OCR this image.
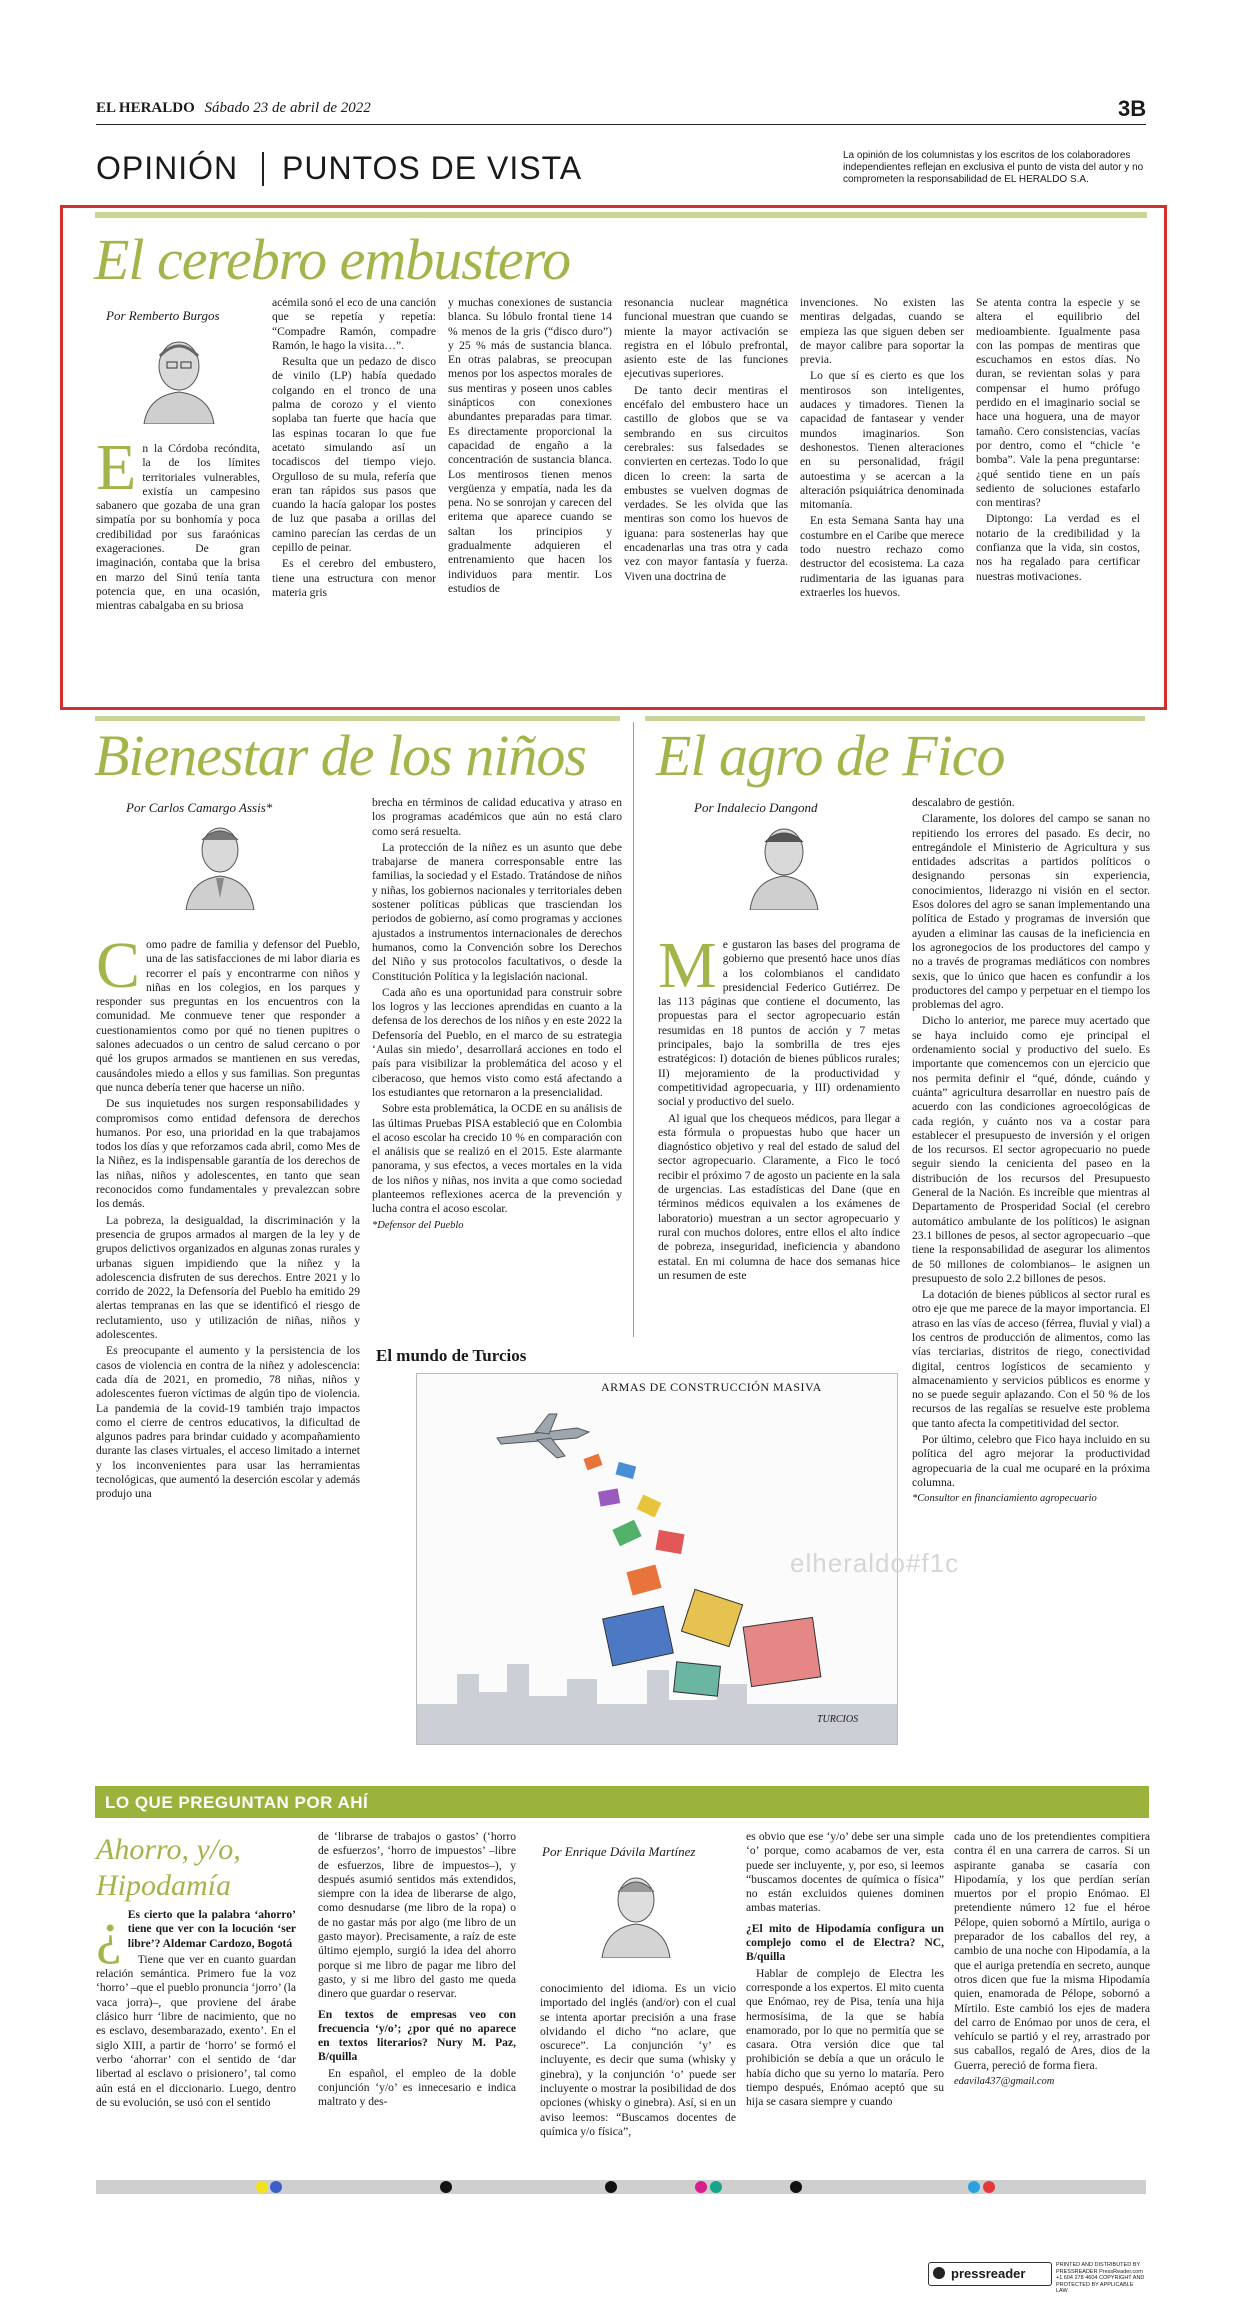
EL HERALDO Sábado 23 de abril de 2022	3B
OPINIÓN PUNTOS DE VISTA	La opinión de los columnistas y los escritos de los colaboradores independientes reflejan en exclusiva el punto de vista del autor y no comprometen la responsabilidad de EL HERALDO S.A.
El cerebro embustero
Por Remberto Burgos
E n la Córdoba recóndita, la de los límites territoriales vulnerables, existía un campesino sabanero que gozaba de una gran simpatía por su bonhomía y poca credibilidad por sus faraónicas exageraciones. De gran imaginación, contaba que la brisa en marzo del Sinú tenía tanta potencia que, en una ocasión, mientras cabalgaba en su briosa

acémila sonó el eco de una canción que se repetía y repetía: “Compadre Ramón, compadre Ramón, le hago la visita…”.

Resulta que un pedazo de disco de vinilo (LP) había quedado colgando en el tronco de una palma de corozo y el viento soplaba tan fuerte que hacía que las espinas tocaran lo que fue acetato simulando así un tocadiscos del tiempo viejo. Orgulloso de su mula, refería que eran tan rápidos sus pasos que cuando la hacía galopar los postes de luz que pasaba a orillas del camino parecían las cerdas de un cepillo de peinar.

Es el cerebro del embustero, tiene una estructura con menor materia gris

y muchas conexiones de sustancia blanca. Su lóbulo frontal tiene 14 % menos de la gris (“disco duro”) y 25 % más de sustancia blanca. En otras palabras, se preocupan menos por los aspectos morales de sus mentiras y poseen unos cables sinápticos con conexiones abundantes preparadas para timar. Es directamente proporcional la capacidad de engaño a la concentración de sustancia blanca. Los mentirosos tienen menos vergüenza y empatía, nada les da pena. No se sonrojan y carecen del eritema que aparece cuando se saltan los principios y gradualmente adquieren el entrenamiento que hacen los individuos para mentir. Los estudios de

resonancia nuclear magnética funcional muestran que cuando se miente la mayor activación se registra en el lóbulo prefrontal, asiento este de las funciones ejecutivas superiores.

De tanto decir mentiras el encéfalo del embustero hace un castillo de globos que se va sembrando en sus circuitos cerebrales: sus falsedades se convierten en certezas. Todo lo que dicen lo creen: la sarta de embustes se vuelven dogmas de verdades. Se les olvida que las mentiras son como los huevos de iguana: para sostenerlas hay que encadenarlas una tras otra y cada vez con mayor fantasía y fuerza. Viven una doctrina de

invenciones. No existen las mentiras delgadas, cuando se empieza las que siguen deben ser de mayor calibre para soportar la previa.

Lo que sí es cierto es que los mentirosos son inteligentes, audaces y timadores. Tienen la capacidad de fantasear y vender mundos imaginarios. Son deshonestos. Tienen alteraciones en su personalidad, frágil autoestima y se acercan a la alteración psiquiátrica denominada mitomanía.

En esta Semana Santa hay una costumbre en el Caribe que merece todo nuestro rechazo como destructor del ecosistema. La caza rudimentaria de las iguanas para extraerles los huevos.

Se atenta contra la especie y se altera el equilibrio del medioambiente. Igualmente pasa con las pompas de mentiras que escuchamos en estos días. No duran, se revientan solas y para compensar el humo prófugo perdido en el imaginario social se hace una hoguera, una de mayor tamaño. Cero consistencias, vacías por dentro, como el “chicle ‘e bomba”. Vale la pena preguntarse: ¿qué sentido tiene en un país sediento de soluciones estafarlo con mentiras?

Diptongo: La verdad es el notario de la credibilidad y la confianza que la vida, sin costos, nos ha regalado para certificar nuestras motivaciones.

Bienestar de los niños
Por Carlos Camargo Assis*
C omo padre de familia y defensor del Pueblo, una de las satisfacciones de mi labor diaria es recorrer el país y encontrarme con niños y niñas en los colegios, en los parques y responder sus preguntas en los encuentros con la comunidad. Me conmueve tener que responder a cuestionamientos como por qué no tienen pupitres o salones adecuados o un centro de salud cercano o por qué los grupos armados se mantienen en sus veredas, causándoles miedo a ellos y sus familias. Son preguntas que nunca debería tener que hacerse un niño.

De sus inquietudes nos surgen responsabilidades y compromisos como entidad defensora de derechos humanos. Por eso, una prioridad en la que trabajamos todos los días y que reforzamos cada abril, como Mes de la Niñez, es la indispensable garantía de los derechos de las niñas, niños y adolescentes, en tanto que sean reconocidos como fundamentales y prevalezcan sobre los demás.

La pobreza, la desigualdad, la discriminación y la presencia de grupos armados al margen de la ley y de grupos delictivos organizados en algunas zonas rurales y urbanas siguen impidiendo que la niñez y la adolescencia disfruten de sus derechos. Entre 2021 y lo corrido de 2022, la Defensoría del Pueblo ha emitido 29 alertas tempranas en las que se identificó el riesgo de reclutamiento, uso y utilización de niñas, niños y adolescentes.

Es preocupante el aumento y la persistencia de los casos de violencia en contra de la niñez y adolescencia: cada día de 2021, en promedio, 78 niñas, niños y adolescentes fueron víctimas de algún tipo de violencia. La pandemia de la covid-19 también trajo impactos como el cierre de centros educativos, la dificultad de algunos padres para brindar cuidado y acompañamiento durante las clases virtuales, el acceso limitado a internet y los inconvenientes para usar las herramientas tecnológicas, que aumentó la deserción escolar y además produjo una

brecha en términos de calidad educativa y atraso en los programas académicos que aún no está claro como será resuelta.

La protección de la niñez es un asunto que debe trabajarse de manera corresponsable entre las familias, la sociedad y el Estado. Tratándose de niños y niñas, los gobiernos nacionales y territoriales deben sostener políticas públicas que trasciendan los periodos de gobierno, así como programas y acciones ajustados a instrumentos internacionales de derechos humanos, como la Convención sobre los Derechos del Niño y sus protocolos facultativos, o desde la Constitución Política y la legislación nacional.

Cada año es una oportunidad para construir sobre los logros y las lecciones aprendidas en cuanto a la defensa de los derechos de los niños y en este 2022 la Defensoría del Pueblo, en el marco de su estrategia ‘Aulas sin miedo’, desarrollará acciones en todo el país para visibilizar la problemática del acoso y el ciberacoso, que hemos visto como está afectando a los estudiantes que retornaron a la presencialidad.

Sobre esta problemática, la OCDE en su análisis de las últimas Pruebas PISA estableció que en Colombia el acoso escolar ha crecido 10 % en comparación con el análisis que se realizó en el 2015. Este alarmante panorama, y sus efectos, a veces mortales en la vida de los niños y niñas, nos invita a que como sociedad planteemos reflexiones acerca de la prevención y lucha contra el acoso escolar.

*Defensor del Pueblo

El agro de Fico
Por Indalecio Dangond
M e gustaron las bases del programa de gobierno que presentó hace unos días a los colombianos el candidato presidencial Federico Gutiérrez. De las 113 páginas que contiene el documento, las propuestas para el sector agropecuario están resumidas en 18 puntos de acción y 7 metas principales, bajo la sombrilla de tres ejes estratégicos: I) dotación de bienes públicos rurales; II) mejoramiento de la productividad y competitividad agropecuaria, y III) ordenamiento social y productivo del suelo.

Al igual que los chequeos médicos, para llegar a esta fórmula o propuestas hubo que hacer un diagnóstico objetivo y real del estado de salud del sector agropecuario. Claramente, a Fico le tocó recibir el próximo 7 de agosto un paciente en la sala de urgencias. Las estadísticas del Dane (que en términos médicos equivalen a los exámenes de laboratorio) muestran a un sector agropecuario y rural con muchos dolores, entre ellos el alto índice de pobreza, inseguridad, ineficiencia y abandono estatal. En mi columna de hace dos semanas hice un resumen de este

descalabro de gestión.

Claramente, los dolores del campo se sanan no repitiendo los errores del pasado. Es decir, no entregándole el Ministerio de Agricultura y sus entidades adscritas a partidos políticos o designando personas sin experiencia, conocimientos, liderazgo ni visión en el sector. Esos dolores del agro se sanan implementando una política de Estado y programas de inversión que ayuden a eliminar las causas de la ineficiencia en los agronegocios de los productores del campo y no a través de programas mediáticos con nombres sexis, que lo único que hacen es confundir a los productores del campo y perpetuar en el tiempo los problemas del agro.

Dicho lo anterior, me parece muy acertado que se haya incluido como eje principal el ordenamiento social y productivo del suelo. Es importante que comencemos con un ejercicio que nos permita definir el “qué, dónde, cuándo y cuánta” agricultura desarrollar en nuestro país de acuerdo con las condiciones agroecológicas de cada región, y cuánto nos va a costar para establecer el presupuesto de inversión y el origen de los recursos. El sector agropecuario no puede seguir siendo la cenicienta del paseo en la distribución de los recursos del Presupuesto General de la Nación. Es increíble que mientras al Departamento de Prosperidad Social (el cerebro automático ambulante de los políticos) le asignan 23.1 billones de pesos, al sector agropecuario –que tiene la responsabilidad de asegurar los alimentos de 50 millones de colombianos– le asignen un presupuesto de solo 2.2 billones de pesos.

La dotación de bienes públicos al sector rural es otro eje que me parece de la mayor importancia. El atraso en las vías de acceso (férrea, fluvial y vial) a los centros de producción de alimentos, como las vías terciarias, distritos de riego, conectividad digital, centros logísticos de secamiento y almacenamiento y servicios públicos es enorme y no se puede seguir aplazando. Con el 50 % de los recursos de las regalías se resuelve este problema que tanto afecta la competitividad del sector.

Por último, celebro que Fico haya incluido en su política del agro mejorar la productividad agropecuaria de la cual me ocuparé en la próxima columna.

*Consultor en financiamiento agropecuario

El mundo de Turcios
ARMAS DE CONSTRUCCIÓN MASIVA
TURCIOS
elheraldo#f1c
LO QUE PREGUNTAN POR AHÍ
Ahorro, y/o, Hipodamía
¿ Es cierto que la palabra ‘ahorro’ tiene que ver con la locución ‘ser libre’? Aldemar Cardozo, Bogotá

Tiene que ver en cuanto guardan relación semántica. Primero fue la voz ‘horro’ –que el pueblo pronuncia ‘jorro’ (la vaca jorra)–, que proviene del árabe clásico hurr ‘libre de nacimiento, que no es esclavo, desembarazado, exento’. En el siglo XIII, a partir de ‘horro’ se formó el verbo ‘ahorrar’ con el sentido de ‘dar libertad al esclavo o prisionero’, tal como aún está en el diccionario. Luego, dentro de su evolución, se usó con el sentido

de ‘librarse de trabajos o gastos’ (‘horro de esfuerzos’, ‘horro de impuestos’ –libre de esfuerzos, libre de impuestos–), y después asumió sentidos más extendidos, siempre con la idea de liberarse de algo, como desnudarse (me libro de la ropa) o de no gastar más por algo (me libro de un gasto mayor). Precisamente, a raíz de este último ejemplo, surgió la idea del ahorro porque si me libro de pagar me libro del gasto, y si me libro del gasto me queda dinero que guardar o reservar.

En textos de empresas veo con frecuencia ‘y/o’; ¿por qué no aparece en textos literarios? Nury M. Paz, B/quilla

En español, el empleo de la doble conjunción ‘y/o’ es innecesario e indica maltrato y des-

Por Enrique Dávila Martínez

conocimiento del idioma. Es un vicio importado del inglés (and/or) con el cual se intenta aportar precisión a una frase olvidando el dicho “no aclare, que oscurece”. La conjunción ‘y’ es incluyente, es decir que suma (whisky y ginebra), y la conjunción ‘o’ puede ser incluyente o mostrar la posibilidad de dos opciones (whisky o ginebra). Así, si en un aviso leemos: “Buscamos docentes de química y/o física”,

es obvio que ese ‘y/o’ debe ser una simple ‘o’ porque, como acabamos de ver, esta puede ser incluyente, y, por eso, si leemos “buscamos docentes de química o física” no están excluidos quienes dominen ambas materias.

¿El mito de Hipodamía configura un complejo como el de Electra? NC, B/quilla

Hablar de complejo de Electra les corresponde a los expertos. El mito cuenta que Enómao, rey de Pisa, tenía una hija hermosísima, de la que se había enamorado, por lo que no permitía que se casara. Otra versión dice que tal prohibición se debía a que un oráculo le había dicho que su yerno lo mataría. Pero tiempo después, Enómao aceptó que su hija se casara siempre y cuando

cada uno de los pretendientes compitiera contra él en una carrera de carros. Si un aspirante ganaba se casaría con Hipodamía, y los que perdían serían muertos por el propio Enómao. El pretendiente número 12 fue el héroe Pélope, quien sobornó a Mírtilo, auriga o preparador de los caballos del rey, a cambio de una noche con Hipodamía, a la que el auriga pretendía en secreto, aunque otros dicen que fue la misma Hipodamía quien, enamorada de Pélope, sobornó a Mírtilo. Este cambió los ejes de madera del carro de Enómao por unos de cera, el vehículo se partió y el rey, arrastrado por sus caballos, regaló de Ares, dios de la Guerra, pereció de forma fiera.

edavila437@gmail.com

pressreader
PRINTED AND DISTRIBUTED BY PRESSREADER PressReader.com +1 604 278 4604 COPYRIGHT AND PROTECTED BY APPLICABLE LAW
